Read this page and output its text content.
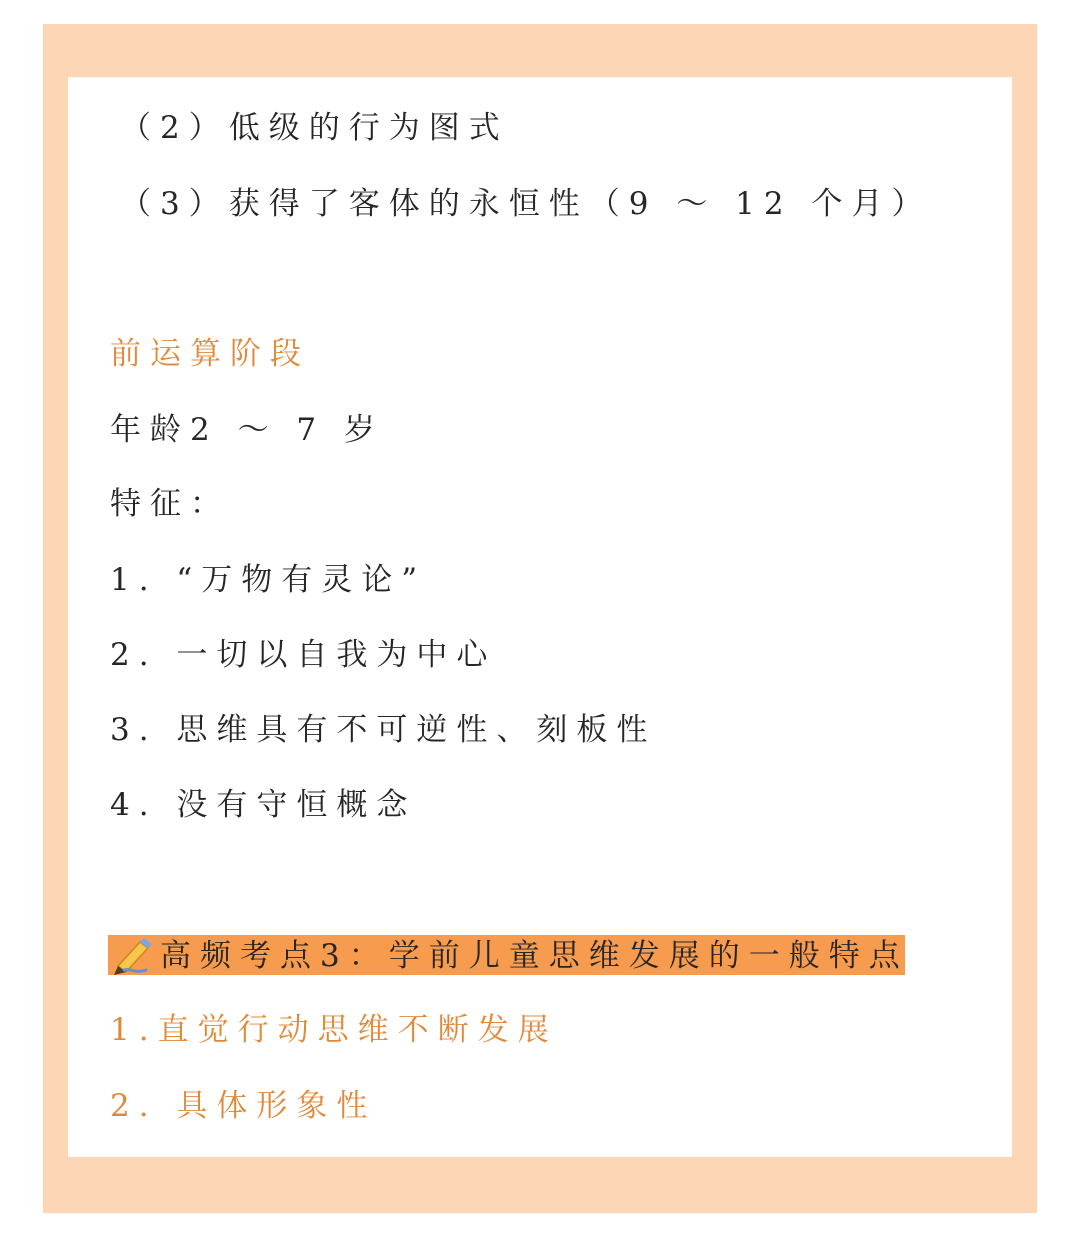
（2）低级的行为图式
（3）获得了客体的永恒性（9 ～ 12 个月）
前运算阶段
年龄2 ～ 7 岁
特征：
1. “万物有灵论”
2. 一切以自我为中心
3. 思维具有不可逆性、刻板性
4. 没有守恒概念
高频考点3：学前儿童思维发展的一般特点
1.直觉行动思维不断发展
2. 具体形象性
